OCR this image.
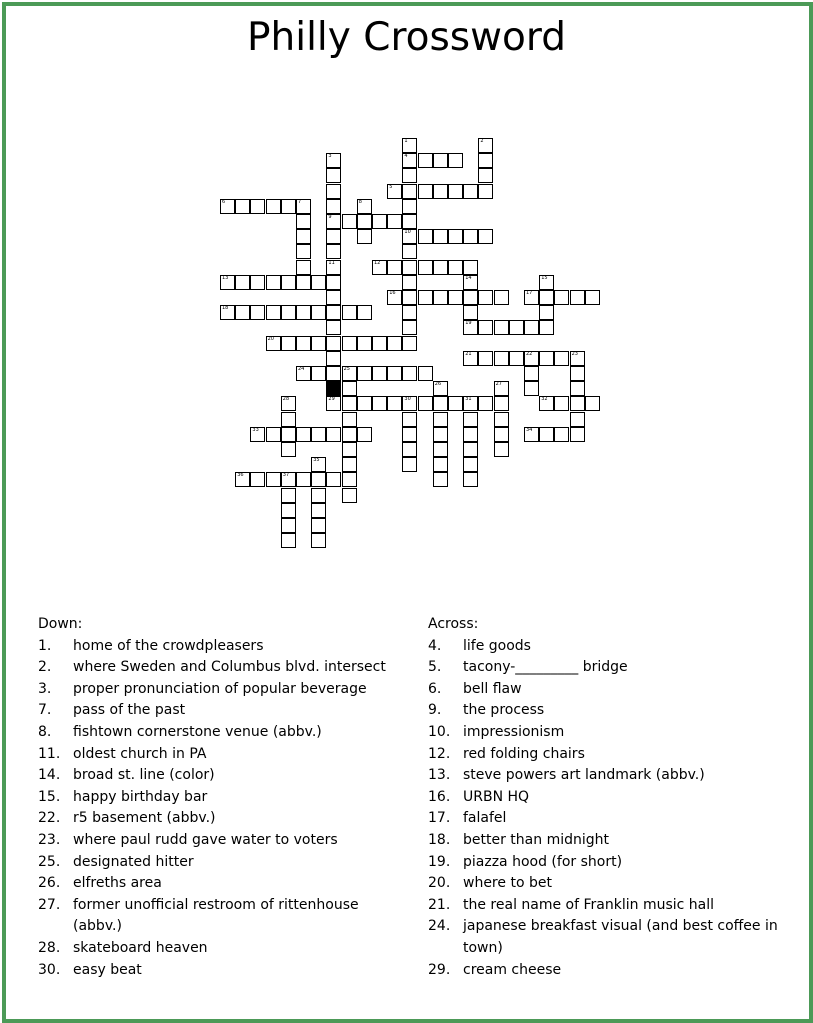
Philly Crossword
1
4
10
2
3
9
5
6	7	8
11	12
13	14
19
15
16	17
18
20
21	22	23
24	25
26	27
28	29	30	31	32
33	34
35
36	37
Down:
1. home of the crowdpleasers
2. where Sweden and Columbus blvd. intersect
3. proper pronunciation of popular beverage
7. pass of the past
8. fishtown cornerstone venue (abbv.)
11. oldest church in PA
14. broad st. line (color)
15. happy birthday bar
22. r5 basement (abbv.)
23. where paul rudd gave water to voters
25. designated hitter
26. elfreths area
27. former unofficial restroom of rittenhouse (abbv.)
28. skateboard heaven
30. easy beat
Across:
4. life goods
5. tacony-_________ bridge
6. bell flaw
9. the process
10. impressionism
12. red folding chairs
13. steve powers art landmark (abbv.)
16. URBN HQ
17. falafel
18. better than midnight
19. piazza hood (for short)
20. where to bet
21. the real name of Franklin music hall
24. japanese breakfast visual (and best coffee in town)
29. cream cheese
